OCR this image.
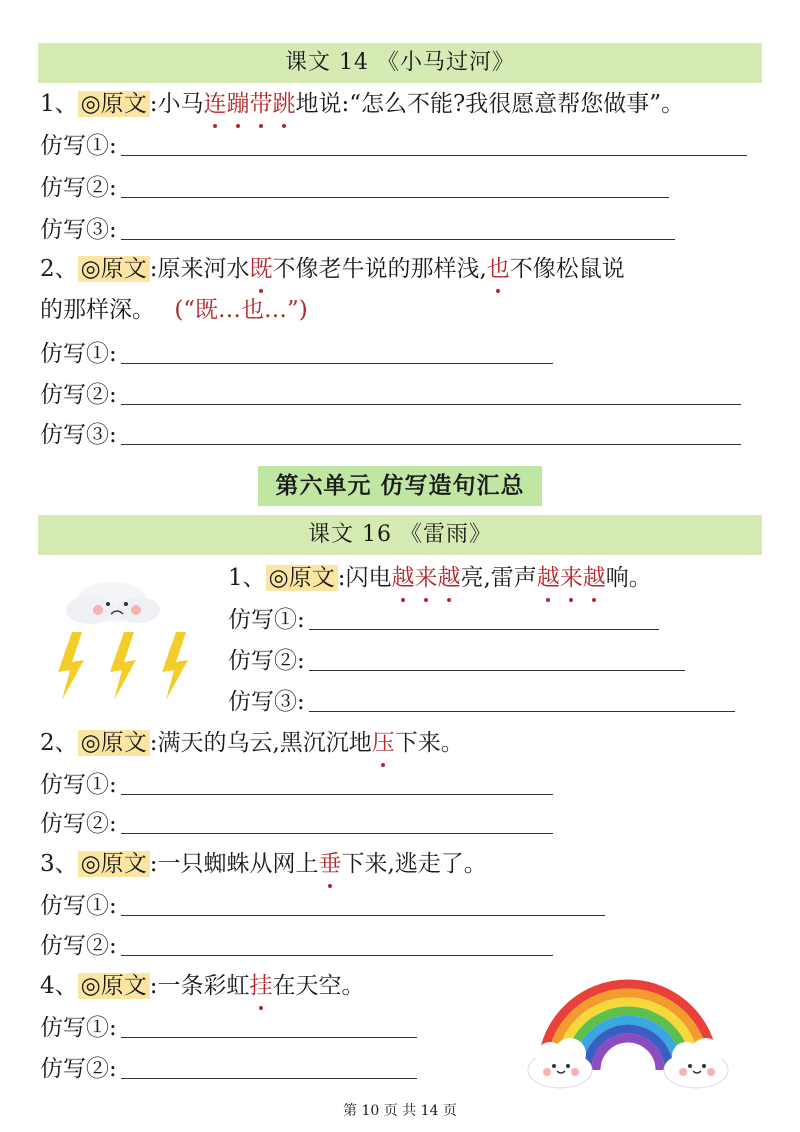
课文 14 《小马过河》
1、 ◎原文 :小马连
蹦
带
跳
地说:“怎么不能?我很愿意帮您做事”。
仿写①:
仿写②:
仿写③:
2、 ◎原文 :原来河水既
不像老牛说的那样浅,也
不像松鼠说
的那样深。 (“既…也…”)
仿写①:
仿写②:
仿写③:
第六单元 仿写造句汇总
课文 16 《雷雨》
1、 ◎原文 :闪电越
来
越
亮,雷声越
来
越
响。
仿写①:
仿写②:
仿写③:
2、 ◎原文 :满天的乌云,黑沉沉地压
下来。
仿写①:
仿写②:
3、 ◎原文 :一只蜘蛛从网上垂
下来,逃走了。
仿写①:
仿写②:
4、 ◎原文 :一条彩虹挂
在天空。
仿写①:
仿写②:
第 10 页 共 14 页
